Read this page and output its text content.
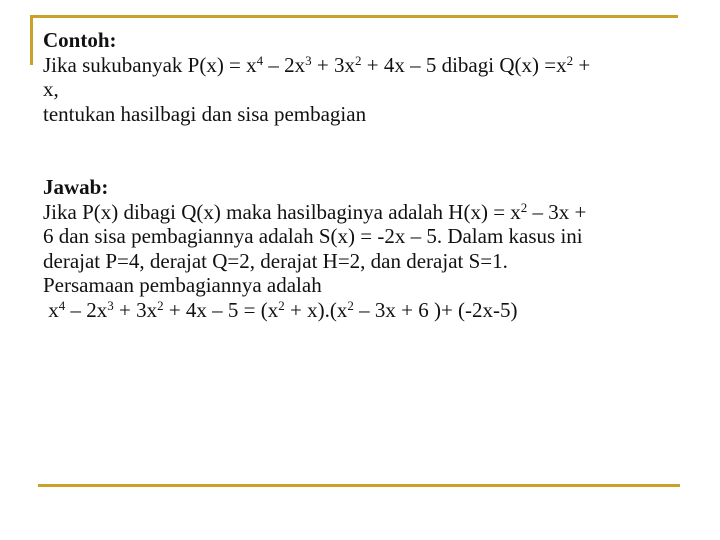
Contoh:
Jika sukubanyak $P(x) = x^4 - 2x^3 + 3x^2 + 4x - 5$ dibagi $Q(x) =x^2$ +
x,
tentukan hasilbagi dan sisa pembagian
Jawab:
Jika P(x) dibagi Q(x) maka hasilbaginya adalah $H(x) = x^2 - 3x$ +
6 dan sisa pembagiannya adalah S(x) = -2x – 5. Dalam kasus ini
derajat P=4, derajat Q=2, derajat H=2, dan derajat S=1.
Persamaan pembagiannya adalah
$x^4 - 2x^3 + 3x^2 + 4x - 5 = (x^2 + x).(x^2 - 3x + 6$ )+ (-2x-5)
